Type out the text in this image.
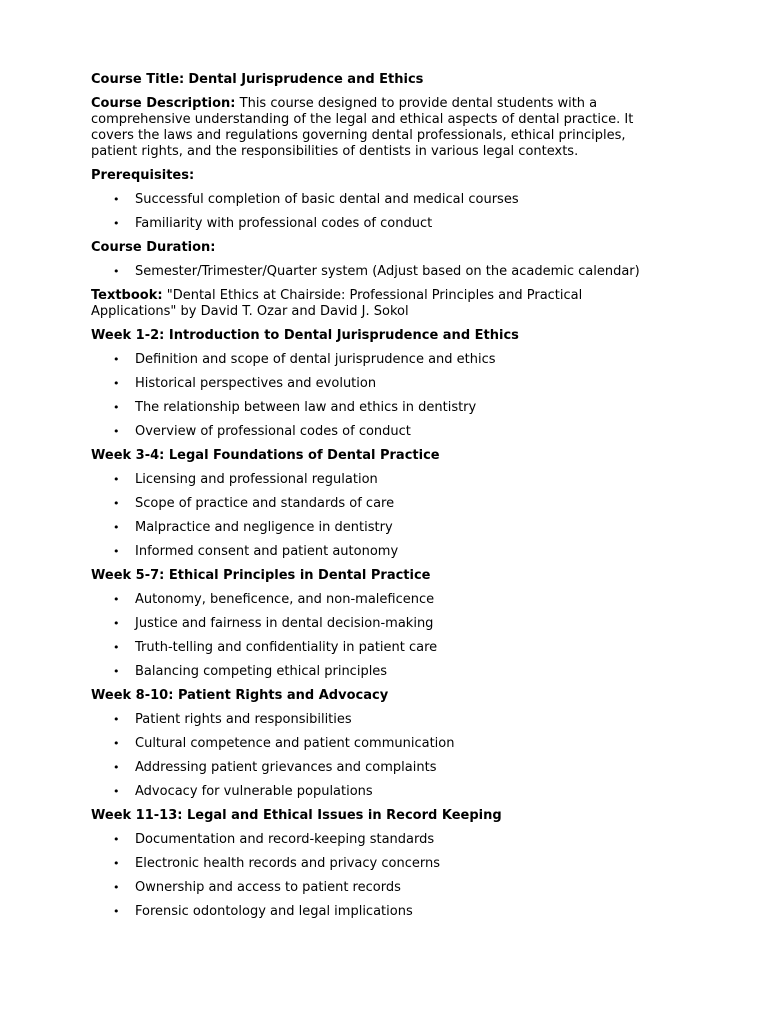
Course Title: Dental Jurisprudence and Ethics

Course Description: This course designed to provide dental students with a comprehensive understanding of the legal and ethical aspects of dental practice. It covers the laws and regulations governing dental professionals, ethical principles, patient rights, and the responsibilities of dentists in various legal contexts.

Prerequisites:

• Successful completion of basic dental and medical courses
• Familiarity with professional codes of conduct

Course Duration:

• Semester/Trimester/Quarter system (Adjust based on the academic calendar)

Textbook: "Dental Ethics at Chairside: Professional Principles and Practical Applications" by David T. Ozar and David J. Sokol

Week 1-2: Introduction to Dental Jurisprudence and Ethics

• Definition and scope of dental jurisprudence and ethics
• Historical perspectives and evolution
• The relationship between law and ethics in dentistry
• Overview of professional codes of conduct

Week 3-4: Legal Foundations of Dental Practice

• Licensing and professional regulation
• Scope of practice and standards of care
• Malpractice and negligence in dentistry
• Informed consent and patient autonomy

Week 5-7: Ethical Principles in Dental Practice

• Autonomy, beneficence, and non-maleficence
• Justice and fairness in dental decision-making
• Truth-telling and confidentiality in patient care
• Balancing competing ethical principles

Week 8-10: Patient Rights and Advocacy

• Patient rights and responsibilities
• Cultural competence and patient communication
• Addressing patient grievances and complaints
• Advocacy for vulnerable populations

Week 11-13: Legal and Ethical Issues in Record Keeping

• Documentation and record-keeping standards
• Electronic health records and privacy concerns
• Ownership and access to patient records
• Forensic odontology and legal implications
